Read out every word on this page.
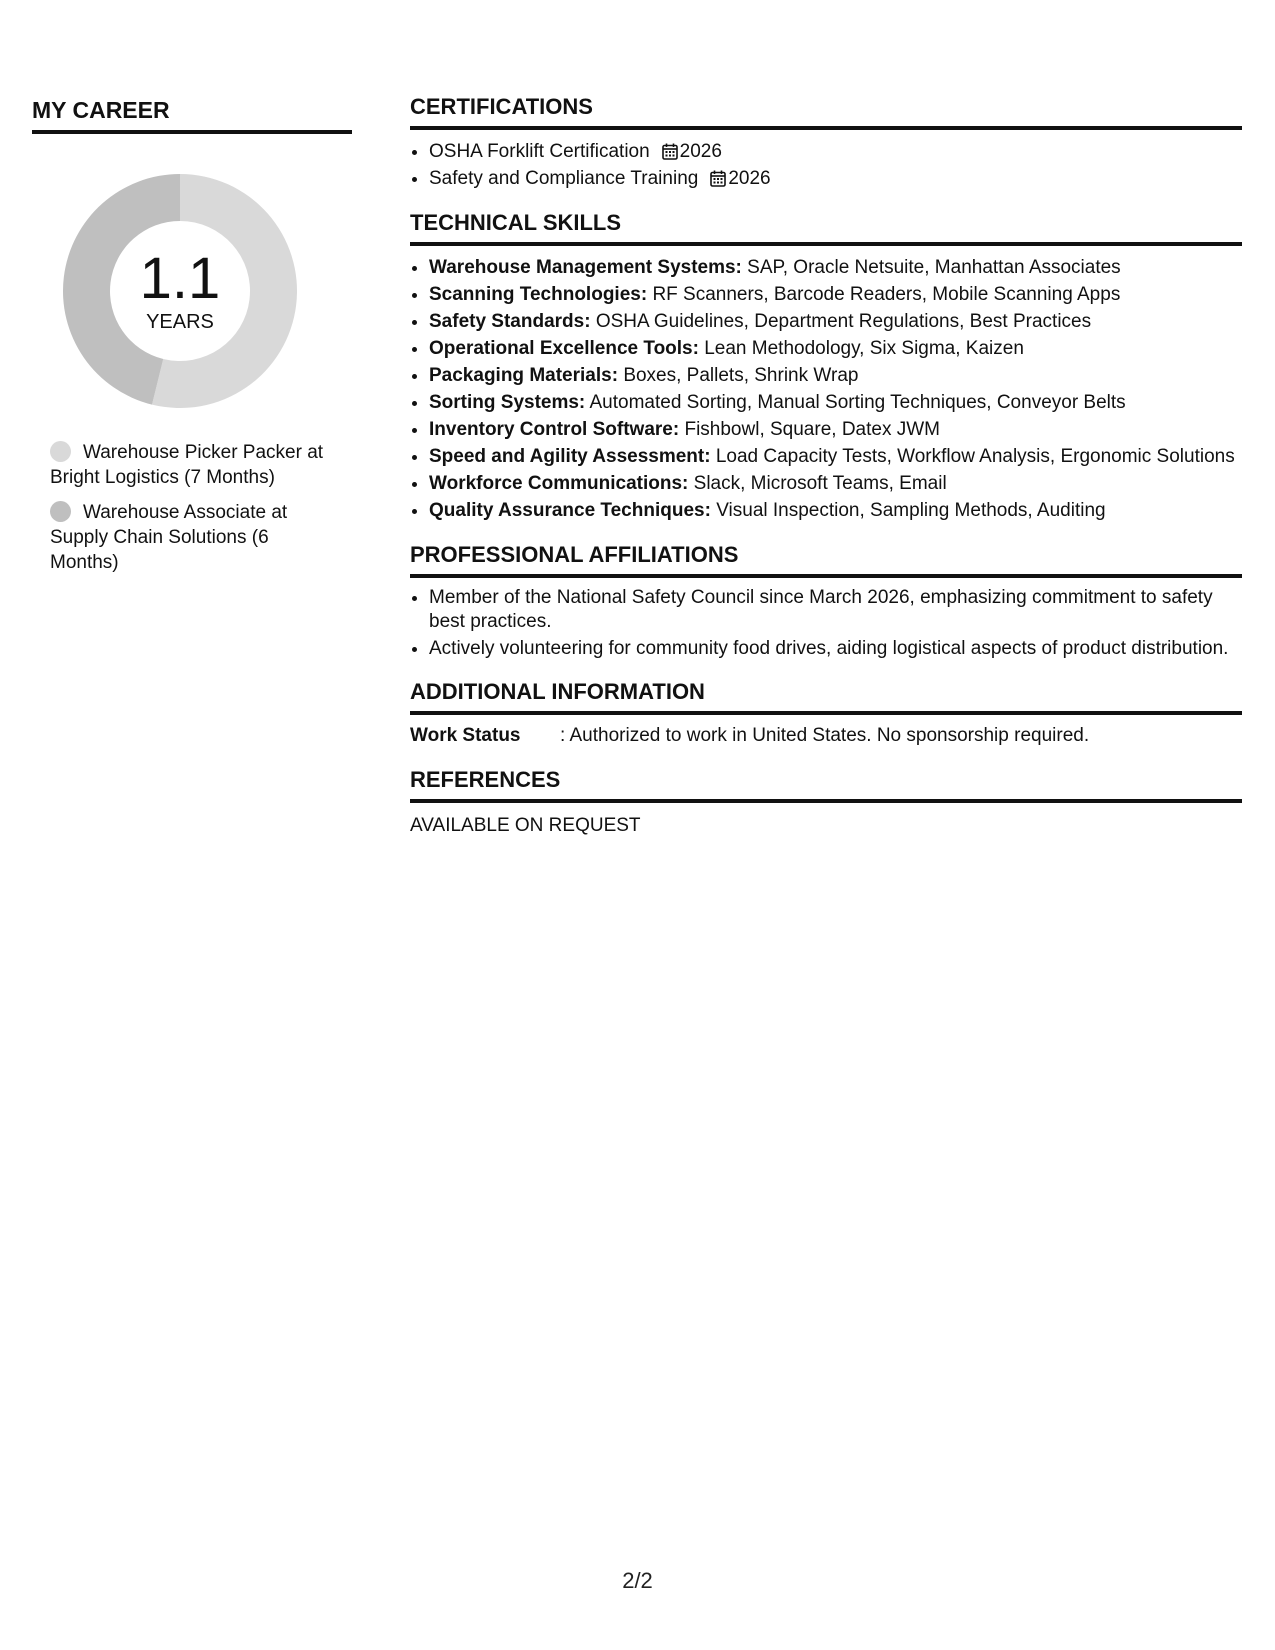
MY CAREER
1.1
YEARS
Warehouse Picker Packer at Bright Logistics (7 Months)
Warehouse Associate at Supply Chain Solutions (6 Months)
CERTIFICATIONS
• OSHA Forklift Certification 2026
• Safety and Compliance Training 2026
TECHNICAL SKILLS
• Warehouse Management Systems: SAP, Oracle Netsuite, Manhattan Associates
• Scanning Technologies: RF Scanners, Barcode Readers, Mobile Scanning Apps
• Safety Standards: OSHA Guidelines, Department Regulations, Best Practices
• Operational Excellence Tools: Lean Methodology, Six Sigma, Kaizen
• Packaging Materials: Boxes, Pallets, Shrink Wrap
• Sorting Systems: Automated Sorting, Manual Sorting Techniques, Conveyor Belts
• Inventory Control Software: Fishbowl, Square, Datex JWM
• Speed and Agility Assessment: Load Capacity Tests, Workflow Analysis, Ergonomic Solutions
• Workforce Communications: Slack, Microsoft Teams, Email
• Quality Assurance Techniques: Visual Inspection, Sampling Methods, Auditing
PROFESSIONAL AFFILIATIONS
• Member of the National Safety Council since March 2026, emphasizing commitment to safety best practices.
• Actively volunteering for community food drives, aiding logistical aspects of product distribution.
ADDITIONAL INFORMATION
Work Status	: Authorized to work in United States. No sponsorship required.
REFERENCES
AVAILABLE ON REQUEST
2/2
